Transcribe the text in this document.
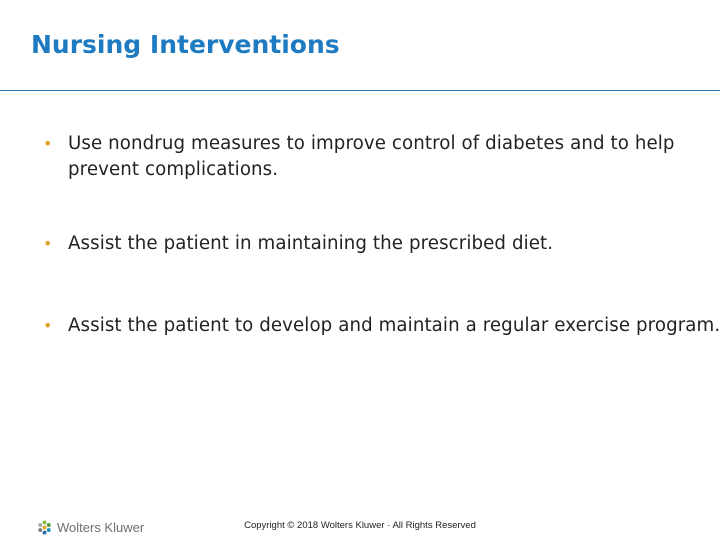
Nursing Interventions
• Use nondrug measures to improve control of diabetes and to help prevent complications.
• Assist the patient in maintaining the prescribed diet.
• Assist the patient to develop and maintain a regular exercise program.
Wolters Kluwer	Copyright © 2018 Wolters Kluwer · All Rights Reserved
